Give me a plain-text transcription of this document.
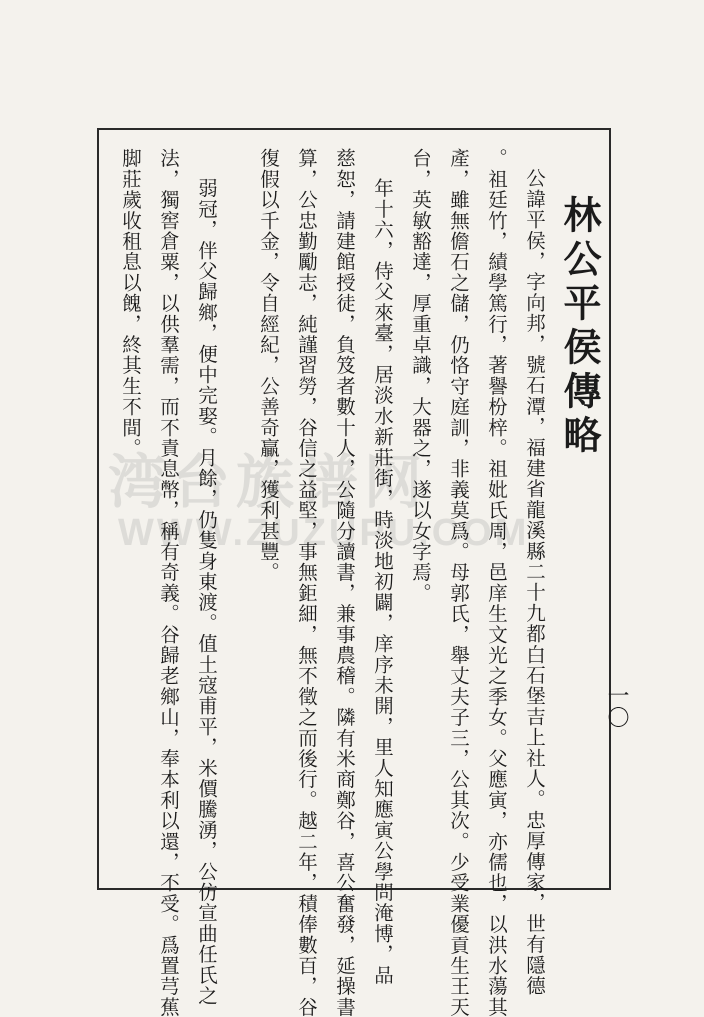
湾台族谱网
WWW.ZUZUPU.COM
林公平侯傳略
公諱平侯，字向邦，號石潭，福建省龍溪縣二十九都白石堡吉上社人。忠厚傳家，世有隱德
。祖廷竹，績學篤行，著譽枌梓。祖妣氏周，邑庠生文光之季女。父應寅，亦儒也，以洪水蕩其
產，雖無儋石之儲，仍恪守庭訓，非義莫爲。母郭氏，舉丈夫子三，公其次。少受業優貢生王天
台，英敏豁達，厚重卓識，大器之，遂以女字焉。
年十六，侍父來臺，居淡水新莊街，時淡地初闢，庠序未開，里人知應寅公學問淹博，品
慈恕，請建館授徒，負笈者數十人，公隨分讀書，兼事農稽。隣有米商鄭谷，喜公奮發，延操書
算，公忠勤勵志，純謹習勞，谷信之益堅，事無鉅細，無不徵之而後行。越二年，積俸數百，谷
復假以千金，令自經紀，公善奇贏，獲利甚豐。
弱冠，伴父歸鄉，便中完娶。月餘，仍隻身東渡。值土寇甫平，米價騰湧，公仿宣曲任氏之
法，獨窖倉粟，以供羣需，而不責息幣，稱有奇義。谷歸老鄉山，奉本利以還，不受。爲置芎蕉
脚莊歲收租息以餽，終其生不間。
一〇
